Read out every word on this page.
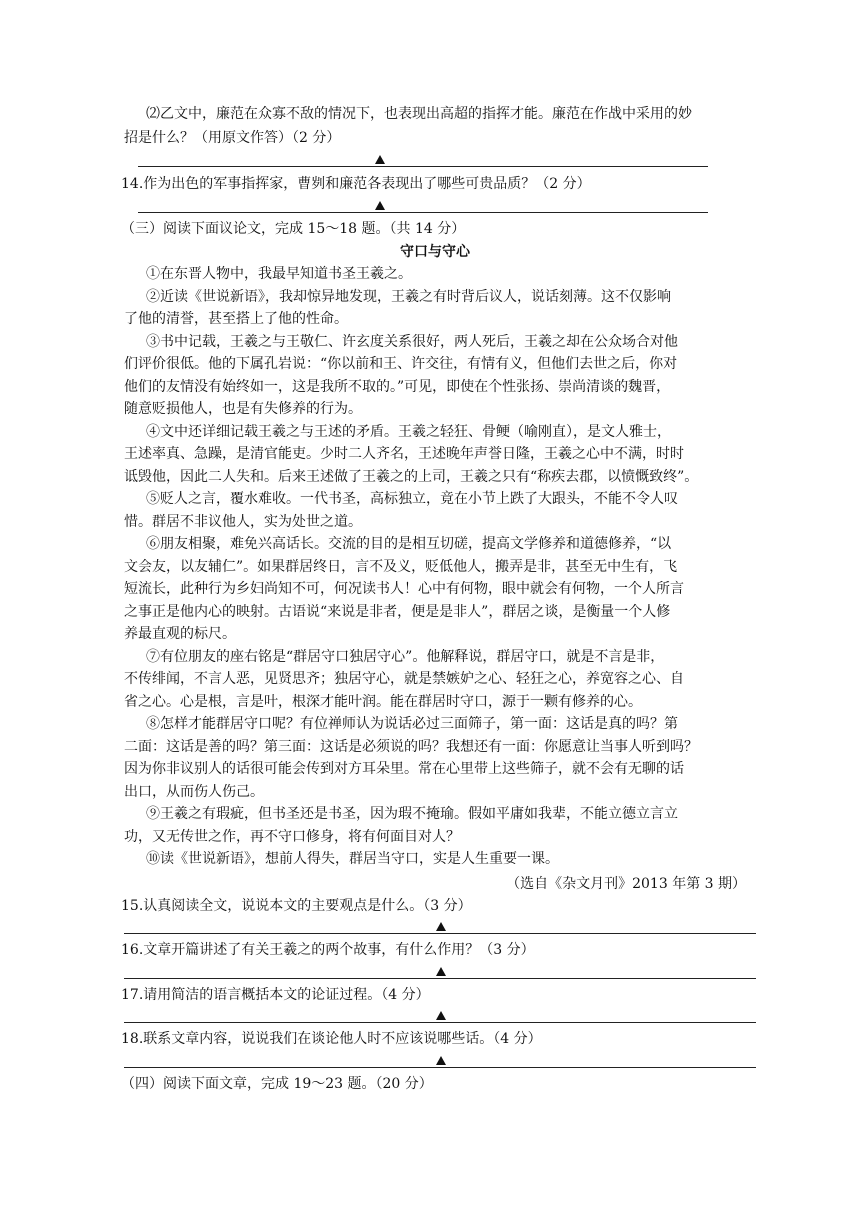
⑵乙文中，廉范在众寡不敌的情况下，也表现出高超的指挥才能。廉范在作战中采用的妙
招是什么？（用原文作答）（2 分）
14.作为出色的军事指挥家，曹刿和廉范各表现出了哪些可贵品质？（2 分）
（三）阅读下面议论文，完成 15～18 题。（共 14 分）
守口与守心
①在东晋人物中，我最早知道书圣王羲之。
②近读《世说新语》，我却惊异地发现，王羲之有时背后议人，说话刻薄。这不仅影响
了他的清誉，甚至搭上了他的性命。
③书中记载，王羲之与王敬仁、许玄度关系很好，两人死后，王羲之却在公众场合对他
们评价很低。他的下属孔岩说：“你以前和王、许交往，有情有义，但他们去世之后，你对
他们的友情没有始终如一，这是我所不取的。”可见，即使在个性张扬、崇尚清谈的魏晋，
随意贬损他人，也是有失修养的行为。
④文中还详细记载王羲之与王述的矛盾。王羲之轻狂、骨鲠（喻刚直），是文人雅士，
王述率真、急躁，是清官能吏。少时二人齐名，王述晚年声誉日隆，王羲之心中不满，时时
诋毁他，因此二人失和。后来王述做了王羲之的上司，王羲之只有“称疾去郡，以愤慨致终”。
⑤贬人之言，覆水难收。一代书圣，高标独立，竟在小节上跌了大跟头，不能不令人叹
惜。群居不非议他人，实为处世之道。
⑥朋友相聚，难免兴高话长。交流的目的是相互切磋，提高文学修养和道德修养，“以
文会友，以友辅仁”。如果群居终日，言不及义，贬低他人，搬弄是非，甚至无中生有，飞
短流长，此种行为乡妇尚知不可，何况读书人！心中有何物，眼中就会有何物，一个人所言
之事正是他内心的映射。古语说“来说是非者，便是是非人”，群居之谈，是衡量一个人修
养最直观的标尺。
⑦有位朋友的座右铭是“群居守口独居守心”。他解释说，群居守口，就是不言是非，
不传绯闻，不言人恶，见贤思齐；独居守心，就是禁嫉妒之心、轻狂之心，养宽容之心、自
省之心。心是根，言是叶，根深才能叶润。能在群居时守口，源于一颗有修养的心。
⑧怎样才能群居守口呢？有位禅师认为说话必过三面筛子，第一面：这话是真的吗？第
二面：这话是善的吗？第三面：这话是必须说的吗？我想还有一面：你愿意让当事人听到吗？
因为你非议别人的话很可能会传到对方耳朵里。常在心里带上这些筛子，就不会有无聊的话
出口，从而伤人伤己。
⑨王羲之有瑕疵，但书圣还是书圣，因为瑕不掩瑜。假如平庸如我辈，不能立德立言立
功，又无传世之作，再不守口修身，将有何面目对人？
⑩读《世说新语》，想前人得失，群居当守口，实是人生重要一课。
（选自《杂文月刊》2013 年第 3 期）
15.认真阅读全文，说说本文的主要观点是什么。（3 分）
16.文章开篇讲述了有关王羲之的两个故事，有什么作用？（3 分）
17.请用简洁的语言概括本文的论证过程。（4 分）
18.联系文章内容，说说我们在谈论他人时不应该说哪些话。（4 分）
（四）阅读下面文章，完成 19～23 题。（20 分）
